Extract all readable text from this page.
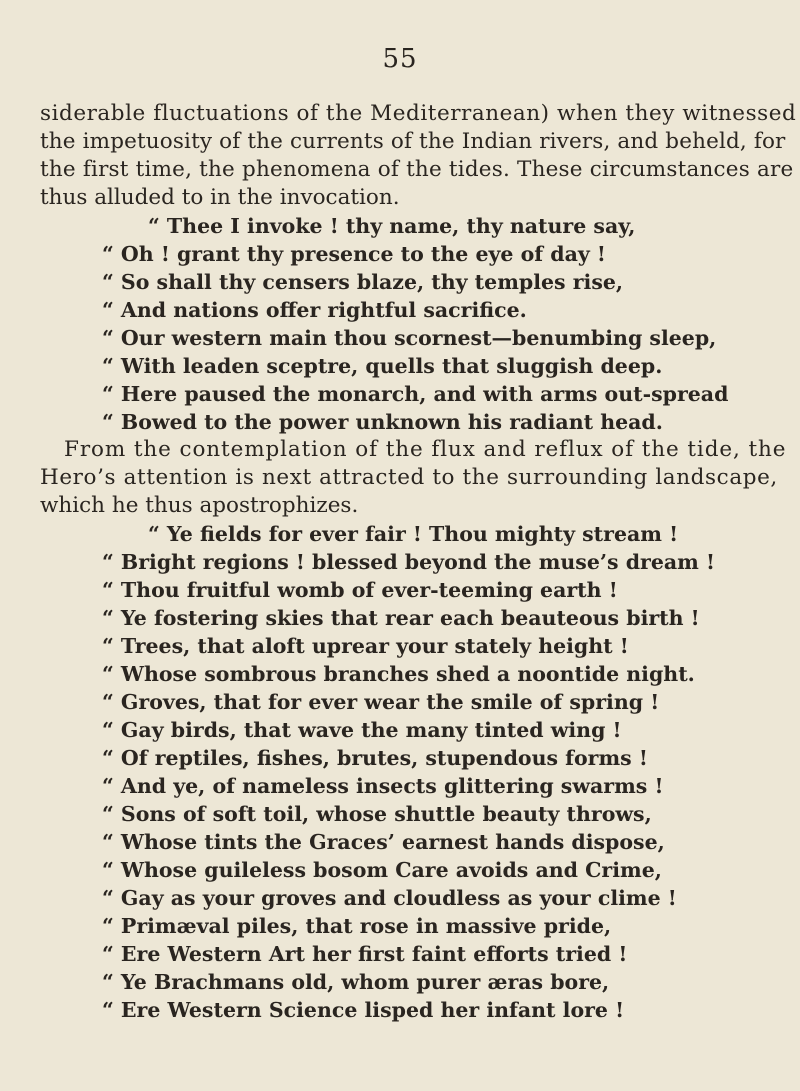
55

siderable fluctuations of the Mediterranean) when they witnessed
the impetuosity of the currents of the Indian rivers, and beheld, for
the first time, the phenomena of the tides. These circumstances are
thus alluded to in the invocation.

“ Thee I invoke ! thy name, thy nature say,
“ Oh ! grant thy presence to the eye of day !
“ So shall thy censers blaze, thy temples rise,
“ And nations offer rightful sacrifice.
“ Our western main thou scornest—benumbing sleep,
“ With leaden sceptre, quells that sluggish deep.
“ Here paused the monarch, and with arms out-spread
“ Bowed to the power unknown his radiant head.

From the contemplation of the flux and reflux of the tide, the
Hero’s attention is next attracted to the surrounding landscape,
which he thus apostrophizes.

“ Ye fields for ever fair ! Thou mighty stream !
“ Bright regions ! blessed beyond the muse’s dream !
“ Thou fruitful womb of ever-teeming earth !
“ Ye fostering skies that rear each beauteous birth !
“ Trees, that aloft uprear your stately height !
“ Whose sombrous branches shed a noontide night.
“ Groves, that for ever wear the smile of spring !
“ Gay birds, that wave the many tinted wing !
“ Of reptiles, fishes, brutes, stupendous forms !
“ And ye, of nameless insects glittering swarms !
“ Sons of soft toil, whose shuttle beauty throws,
“ Whose tints the Graces’ earnest hands dispose,
“ Whose guileless bosom Care avoids and Crime,
“ Gay as your groves and cloudless as your clime !
“ Primæval piles, that rose in massive pride,
“ Ere Western Art her first faint efforts tried !
“ Ye Brachmans old, whom purer æras bore,
“ Ere Western Science lisped her infant lore !
